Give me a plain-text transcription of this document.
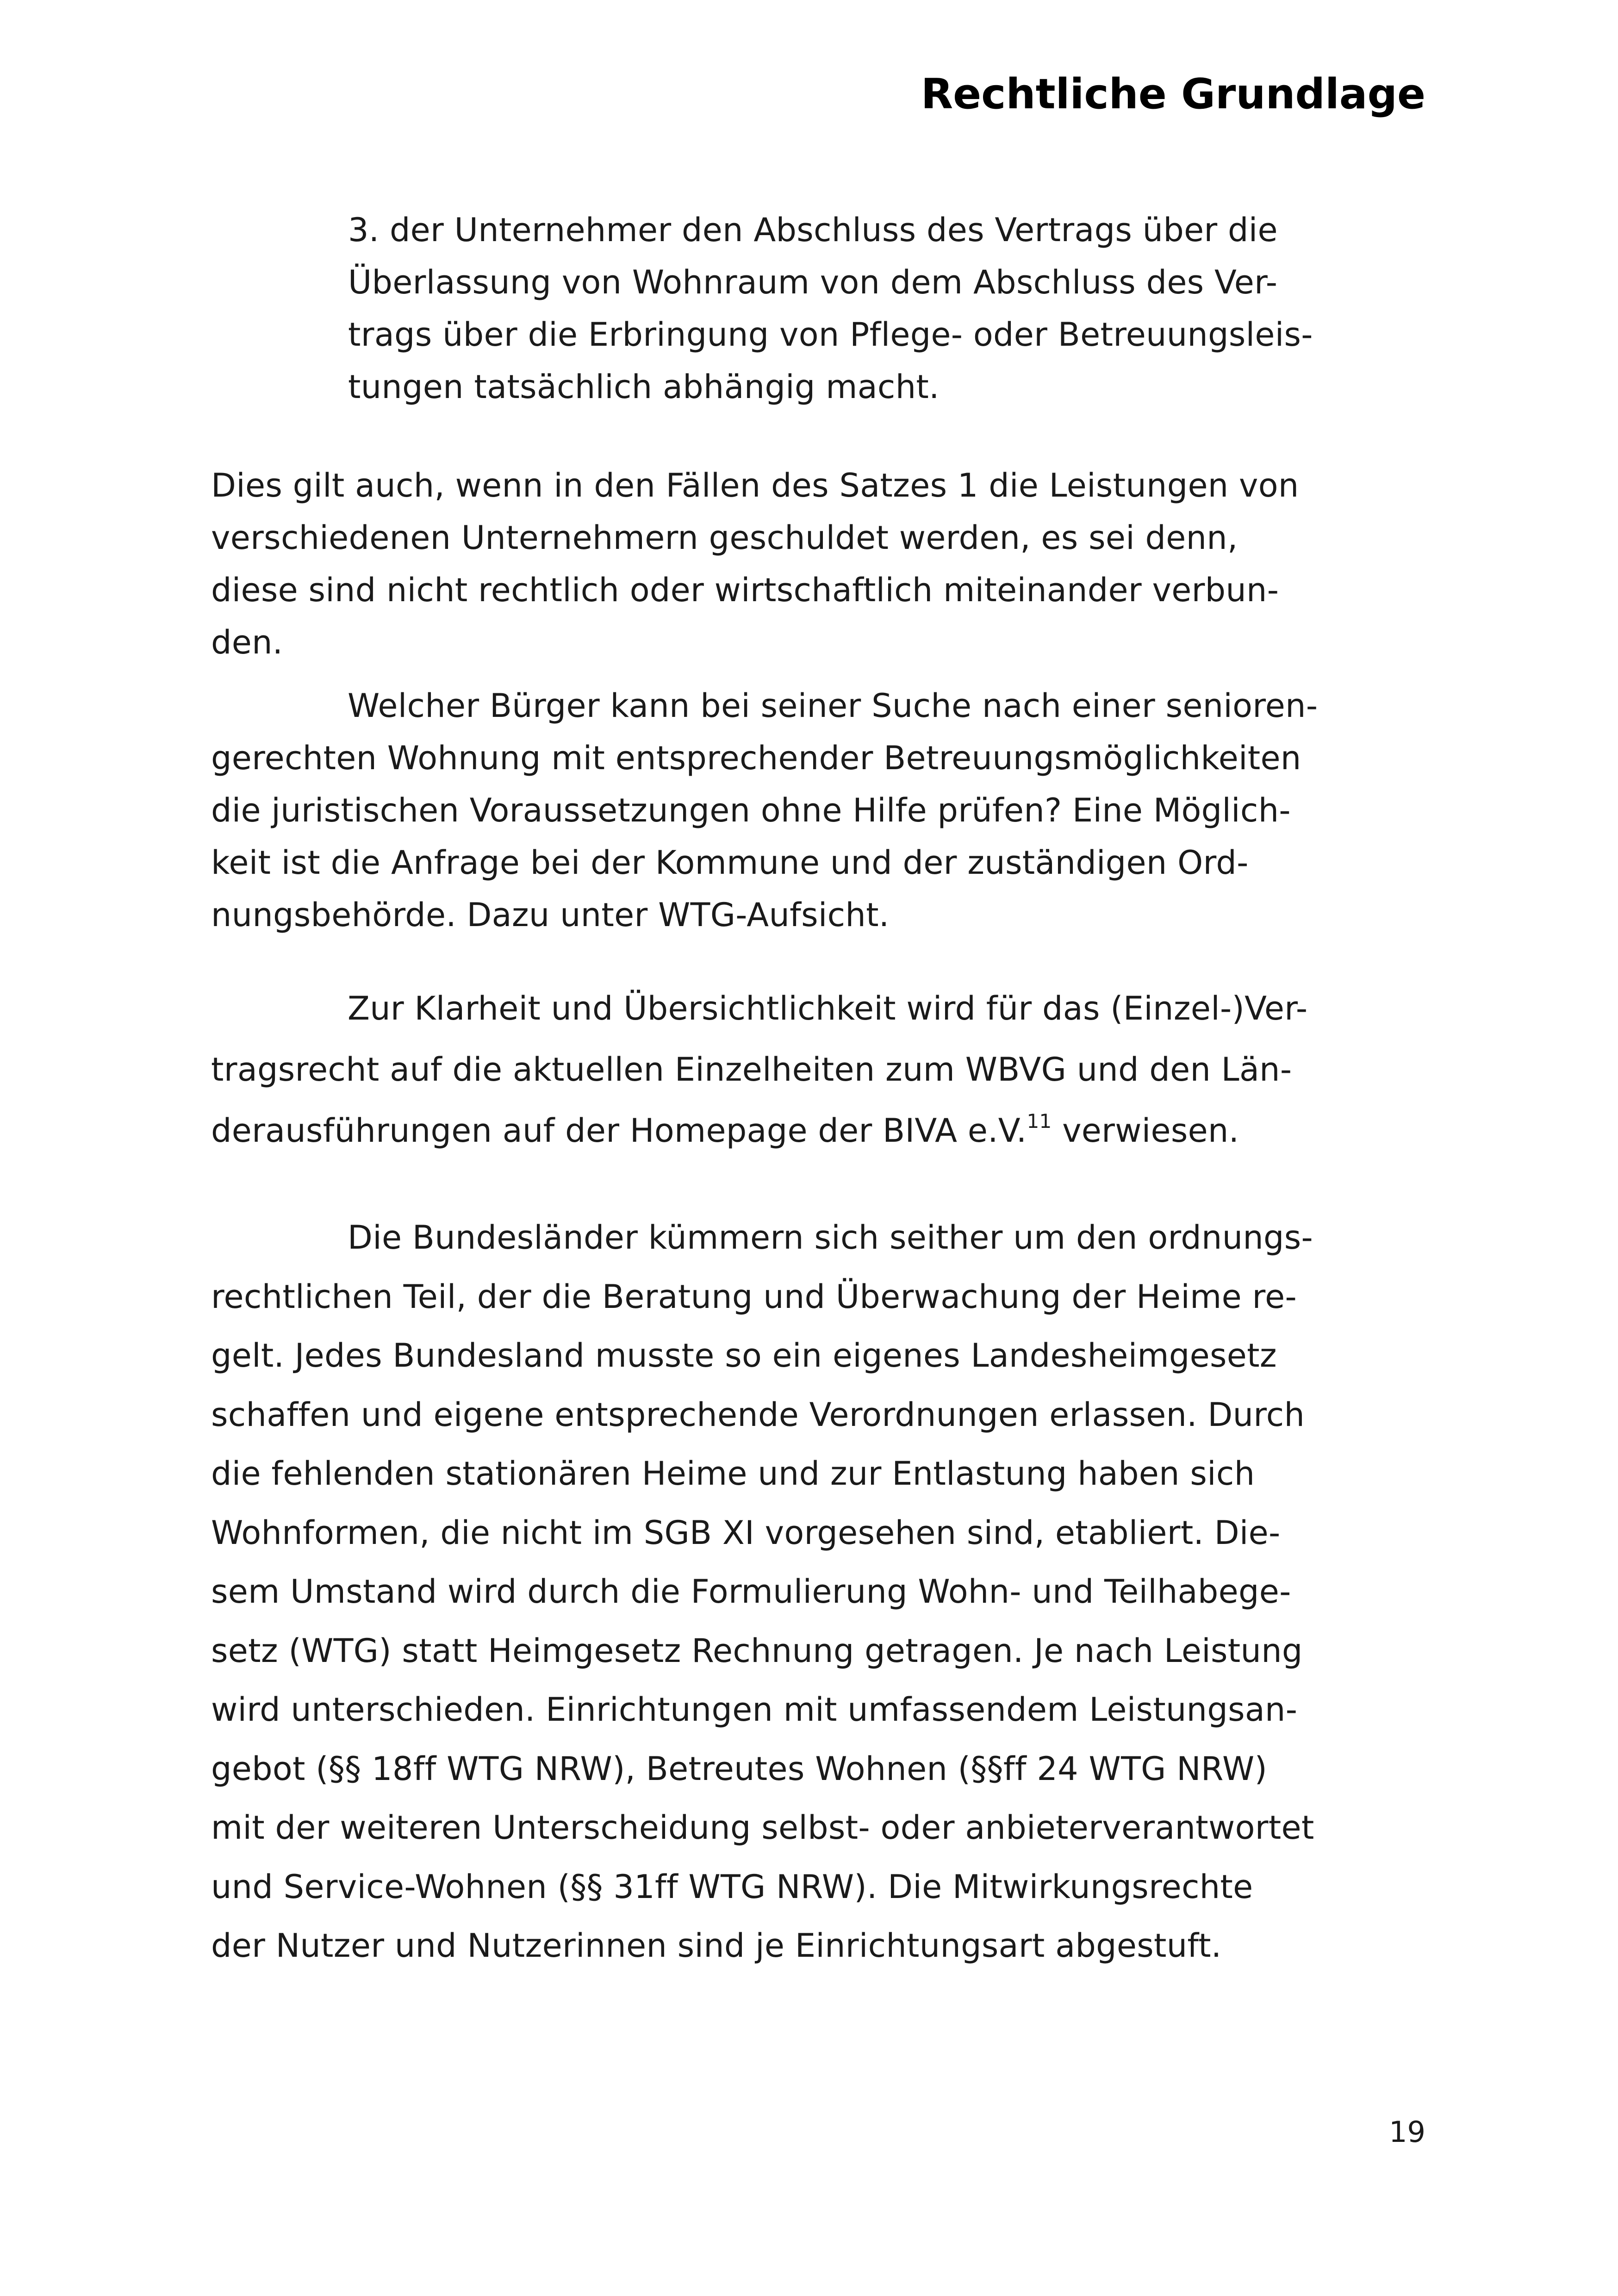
Rechtliche Grundlage
3. der Unternehmer den Abschluss des Vertrags über die
Überlassung von Wohnraum von dem Abschluss des Ver-
trags über die Erbringung von Pflege- oder Betreuungsleis-
tungen tatsächlich abhängig macht.
Dies gilt auch, wenn in den Fällen des Satzes 1 die Leistungen von
verschiedenen Unternehmern geschuldet werden, es sei denn,
diese sind nicht rechtlich oder wirtschaftlich miteinander verbun-
den.
Welcher Bürger kann bei seiner Suche nach einer senioren-
gerechten Wohnung mit entsprechender Betreuungsmöglichkeiten
die juristischen Voraussetzungen ohne Hilfe prüfen? Eine Möglich-
keit ist die Anfrage bei der Kommune und der zuständigen Ord-
nungsbehörde. Dazu unter WTG-Aufsicht.
Zur Klarheit und Übersichtlichkeit wird für das (Einzel-)Ver-
tragsrecht auf die aktuellen Einzelheiten zum WBVG und den Län-
derausführungen auf der Homepage der BIVA e.V.$^{11}$ verwiesen.
Die Bundesländer kümmern sich seither um den ordnungs-
rechtlichen Teil, der die Beratung und Überwachung der Heime re-
gelt. Jedes Bundesland musste so ein eigenes Landesheimgesetz
schaffen und eigene entsprechende Verordnungen erlassen. Durch
die fehlenden stationären Heime und zur Entlastung haben sich
Wohnformen, die nicht im SGB XI vorgesehen sind, etabliert. Die-
sem Umstand wird durch die Formulierung Wohn- und Teilhabege-
setz (WTG) statt Heimgesetz Rechnung getragen. Je nach Leistung
wird unterschieden. Einrichtungen mit umfassendem Leistungsan-
gebot (§§ 18ff WTG NRW), Betreutes Wohnen (§§ff 24 WTG NRW)
mit der weiteren Unterscheidung selbst- oder anbieterverantwortet
und Service-Wohnen (§§ 31ff WTG NRW). Die Mitwirkungsrechte
der Nutzer und Nutzerinnen sind je Einrichtungsart abgestuft.

19
